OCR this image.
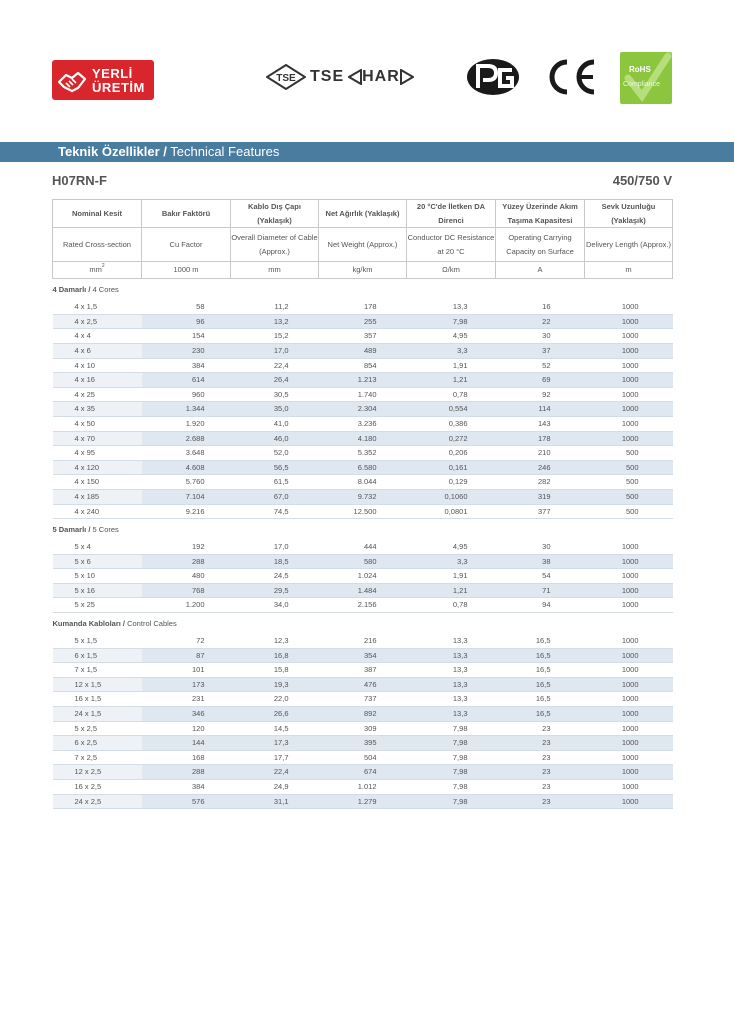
YERLİ
ÜRETİM
TSE TSE HAR	RoHS
Compliance
Teknik Özellikler / Technical Features
H07RN-F	450/750 V
Nominal Kesit	Bakır Faktörü	Kablo Dış Çapı (Yaklaşık)	Net Ağırlık (Yaklaşık)	20 °C'de İletken DA Direnci	Yüzey Üzerinde Akım Taşıma Kapasitesi	Sevk Uzunluğu (Yaklaşık)
Rated Cross-section	Cu Factor	Overall Diameter of Cable (Approx.)	Net Weight (Approx.)	Conductor DC Resistance at 20 °C	Operating Carrying Capacity on Surface	Delivery Length (Approx.)
$mm^2$	1000 m	mm	kg/km	Ω/km	A	m
4 Damarlı / 4 Cores						
4 x 1,5	58	11,2	178	13,3	16	1000
4 x 2,5	96	13,2	255	7,98	22	1000
4 x 4	154	15,2	357	4,95	30	1000
4 x 6	230	17,0	489	3,3	37	1000
4 x 10	384	22,4	854	1,91	52	1000
4 x 16	614	26,4	1.213	1,21	69	1000
4 x 25	960	30,5	1.740	0,78	92	1000
4 x 35	1.344	35,0	2.304	0,554	114	1000
4 x 50	1.920	41,0	3.236	0,386	143	1000
4 x 70	2.688	46,0	4.180	0,272	178	1000
4 x 95	3.648	52,0	5.352	0,206	210	500
4 x 120	4.608	56,5	6.580	0,161	246	500
4 x 150	5.760	61,5	8.044	0,129	282	500
4 x 185	7.104	67,0	9.732	0,1060	319	500
4 x 240	9.216	74,5	12.500	0,0801	377	500
5 Damarlı / 5 Cores						
5 x 4	192	17,0	444	4,95	30	1000
5 x 6	288	18,5	580	3,3	38	1000
5 x 10	480	24,5	1.024	1,91	54	1000
5 x 16	768	29,5	1.484	1,21	71	1000
5 x 25	1.200	34,0	2.156	0,78	94	1000
Kumanda Kabloları / Control Cables						
5 x 1,5	72	12,3	216	13,3	16,5	1000
6 x 1,5	87	16,8	354	13,3	16,5	1000
7 x 1,5	101	15,8	387	13,3	16,5	1000
12 x 1,5	173	19,3	476	13,3	16,5	1000
16 x 1,5	231	22,0	737	13,3	16,5	1000
24 x 1,5	346	26,6	892	13,3	16,5	1000
5 x 2,5	120	14,5	309	7,98	23	1000
6 x 2,5	144	17,3	395	7,98	23	1000
7 x 2,5	168	17,7	504	7,98	23	1000
12 x 2,5	288	22,4	674	7,98	23	1000
16 x 2,5	384	24,9	1.012	7,98	23	1000
24 x 2,5	576	31,1	1.279	7,98	23	1000
